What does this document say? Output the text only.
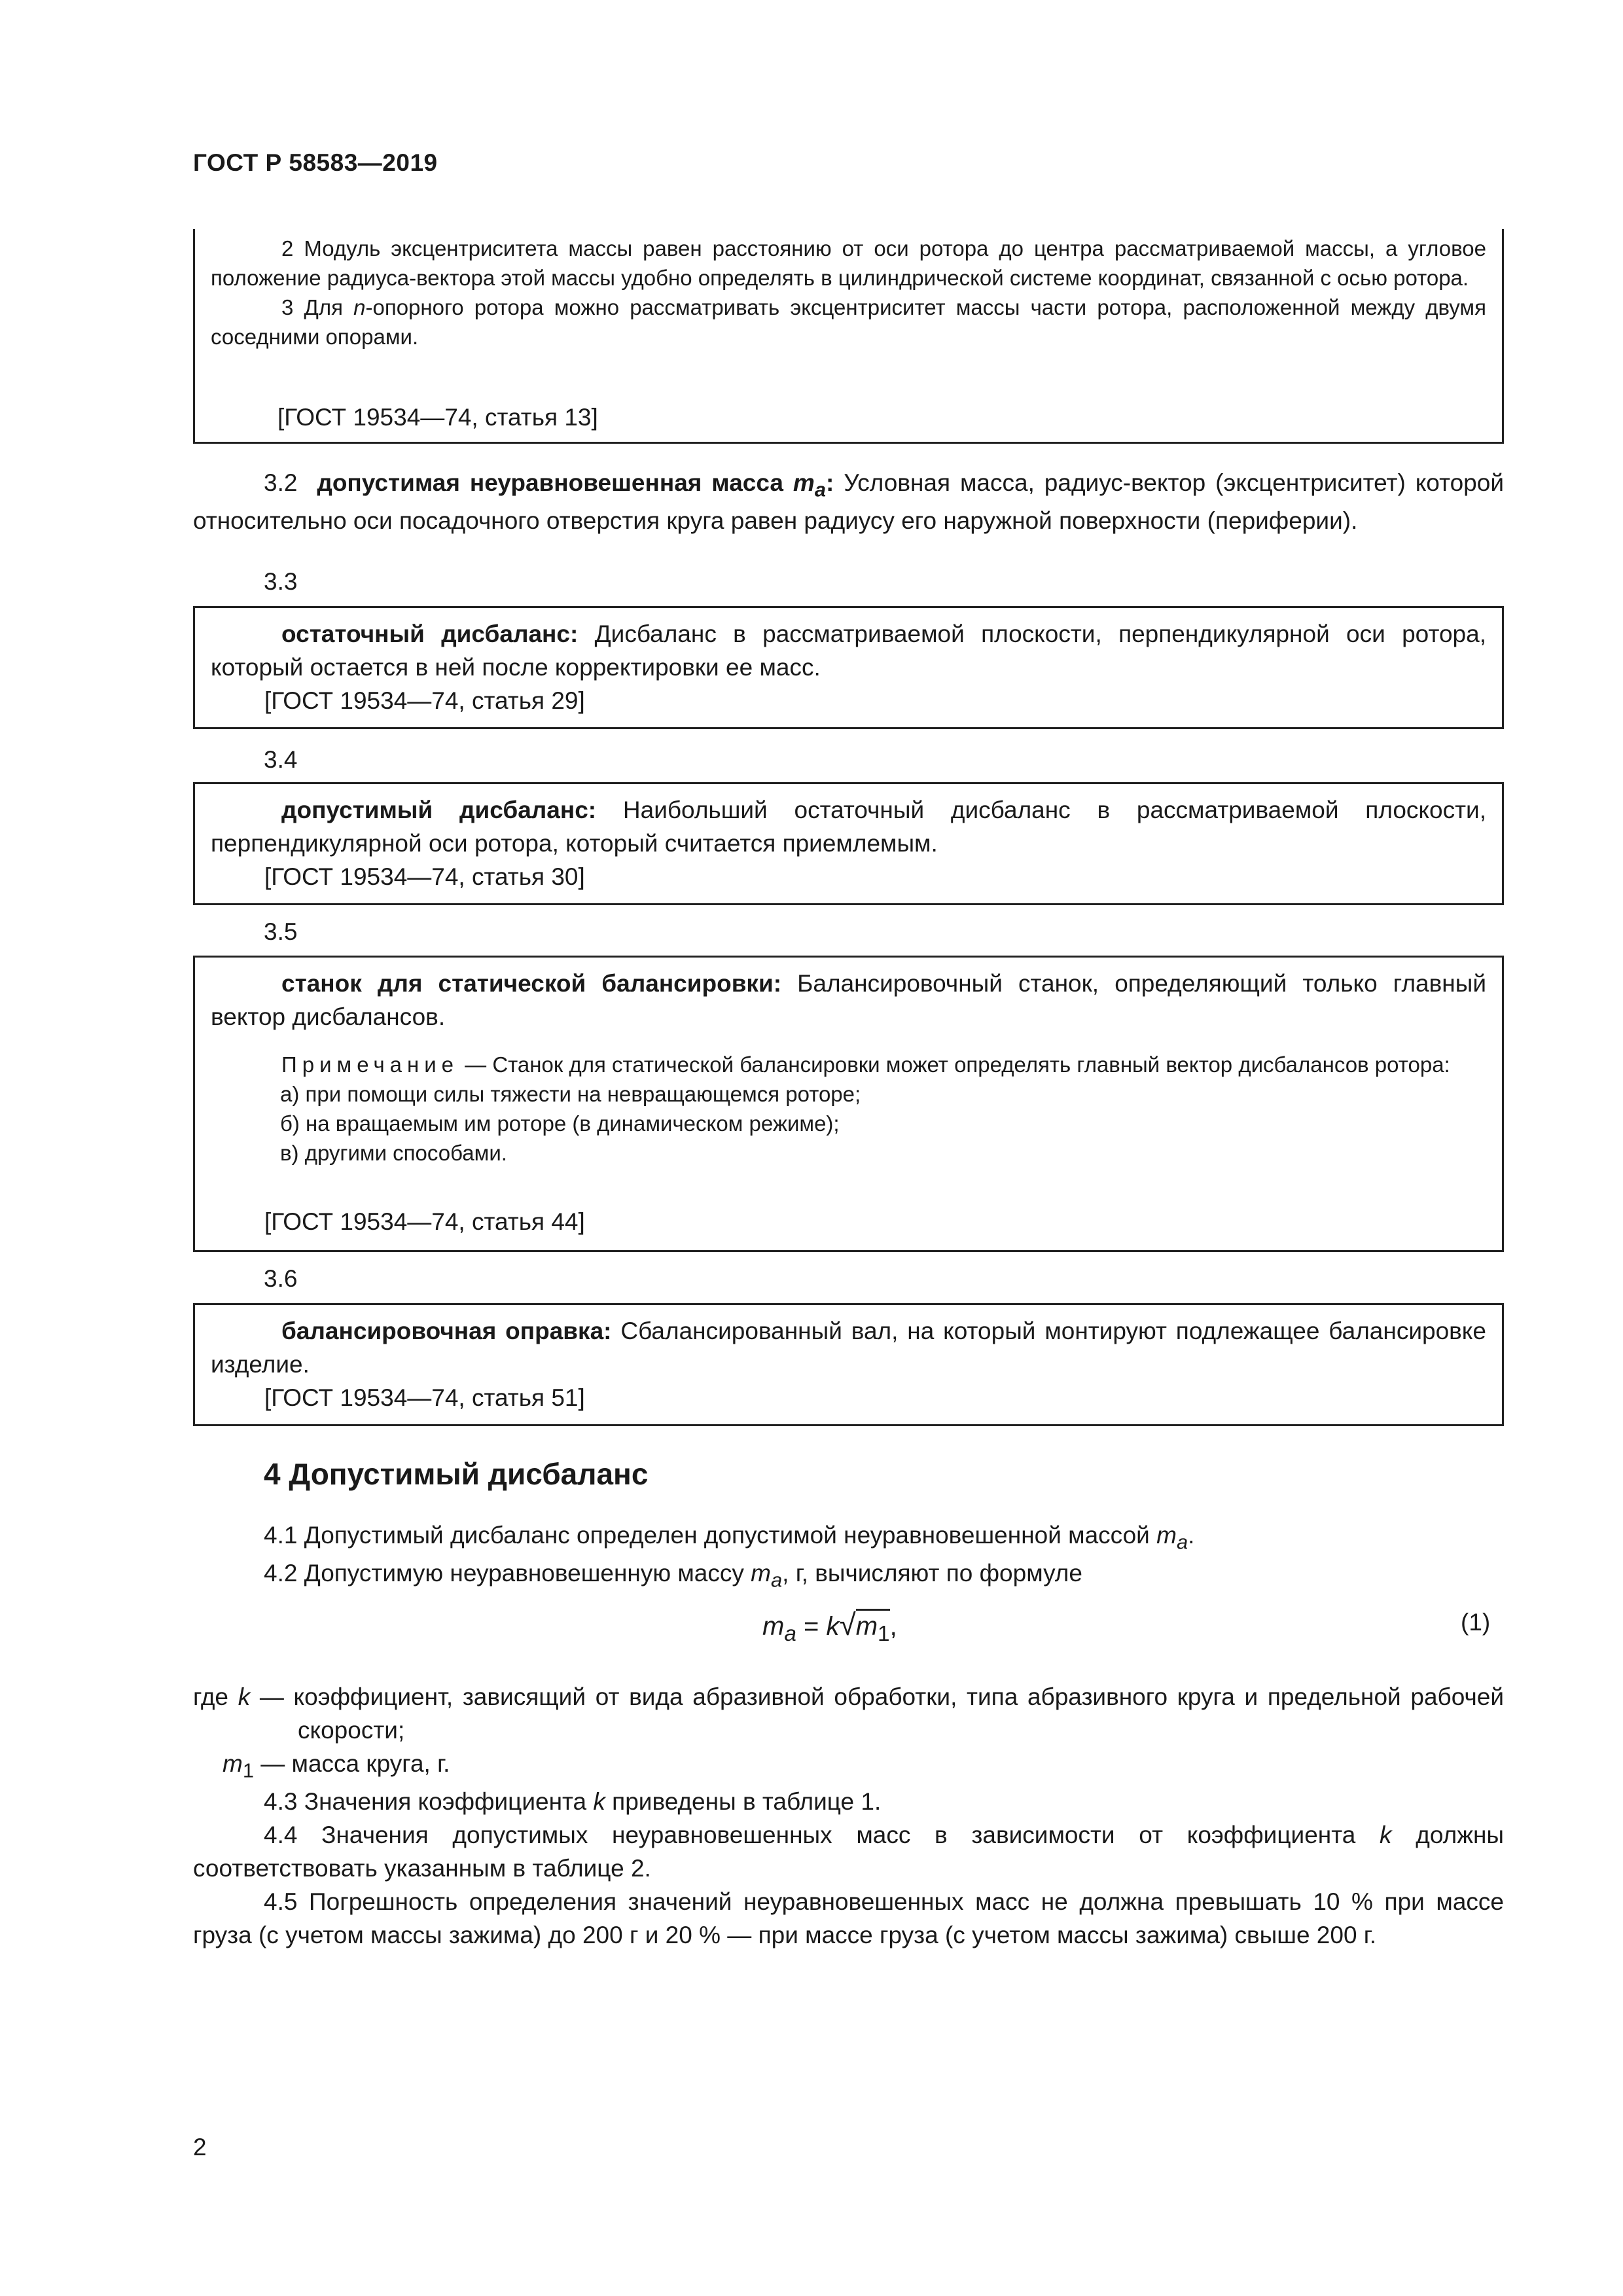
ГОСТ Р 58583—2019

2 Модуль эксцентриситета массы равен расстоянию от оси ротора до центра рассматриваемой массы, а угловое положение радиуса-вектора этой массы удобно определять в цилиндрической системе координат, связанной с осью ротора.

3 Для n-опорного ротора можно рассматривать эксцентриситет массы части ротора, расположенной между двумя соседними опорами.

[ГОСТ 19534—74, статья 13]

3.2 допустимая неуравновешенная масса $m_a$: Условная масса, радиус-вектор (эксцентриситет) которой относительно оси посадочного отверстия круга равен радиусу его наружной поверхности (периферии).

3.3

остаточный дисбаланс: Дисбаланс в рассматриваемой плоскости, перпендикулярной оси ротора, который остается в ней после корректировки ее масс.

[ГОСТ 19534—74, статья 29]

3.4

допустимый дисбаланс: Наибольший остаточный дисбаланс в рассматриваемой плоскости, перпендикулярной оси ротора, который считается приемлемым.

[ГОСТ 19534—74, статья 30]

3.5

станок для статической балансировки: Балансировочный станок, определяющий только главный вектор дисбалансов.

Примечание — Станок для статической балансировки может определять главный вектор дисбалансов ротора:

а) при помощи силы тяжести на невращающемся роторе;

б) на вращаемым им роторе (в динамическом режиме);

в) другими способами.

[ГОСТ 19534—74, статья 44]
3.6

балансировочная оправка: Сбалансированный вал, на который монтируют подлежащее балансировке изделие.

[ГОСТ 19534—74, статья 51]

4 Допустимый дисбаланс

4.1 Допустимый дисбаланс определен допустимой неуравновешенной массой $m_a$.

4.2 Допустимую неуравновешенную массу $m_a$, г, вычисляют по формуле

$m_a = k√m_1$,	(1)

где k — коэффициент, зависящий от вида абразивной обработки, типа абразивного круга и предельной рабочей скорости;

$m_1$ — масса круга, г.

4.3 Значения коэффициента k приведены в таблице 1.

4.4 Значения допустимых неуравновешенных масс в зависимости от коэффициента k должны соответствовать указанным в таблице 2.

4.5 Погрешность определения значений неуравновешенных масс не должна превышать 10 % при массе груза (с учетом массы зажима) до 200 г и 20 % — при массе груза (с учетом массы зажима) свыше 200 г.

2
